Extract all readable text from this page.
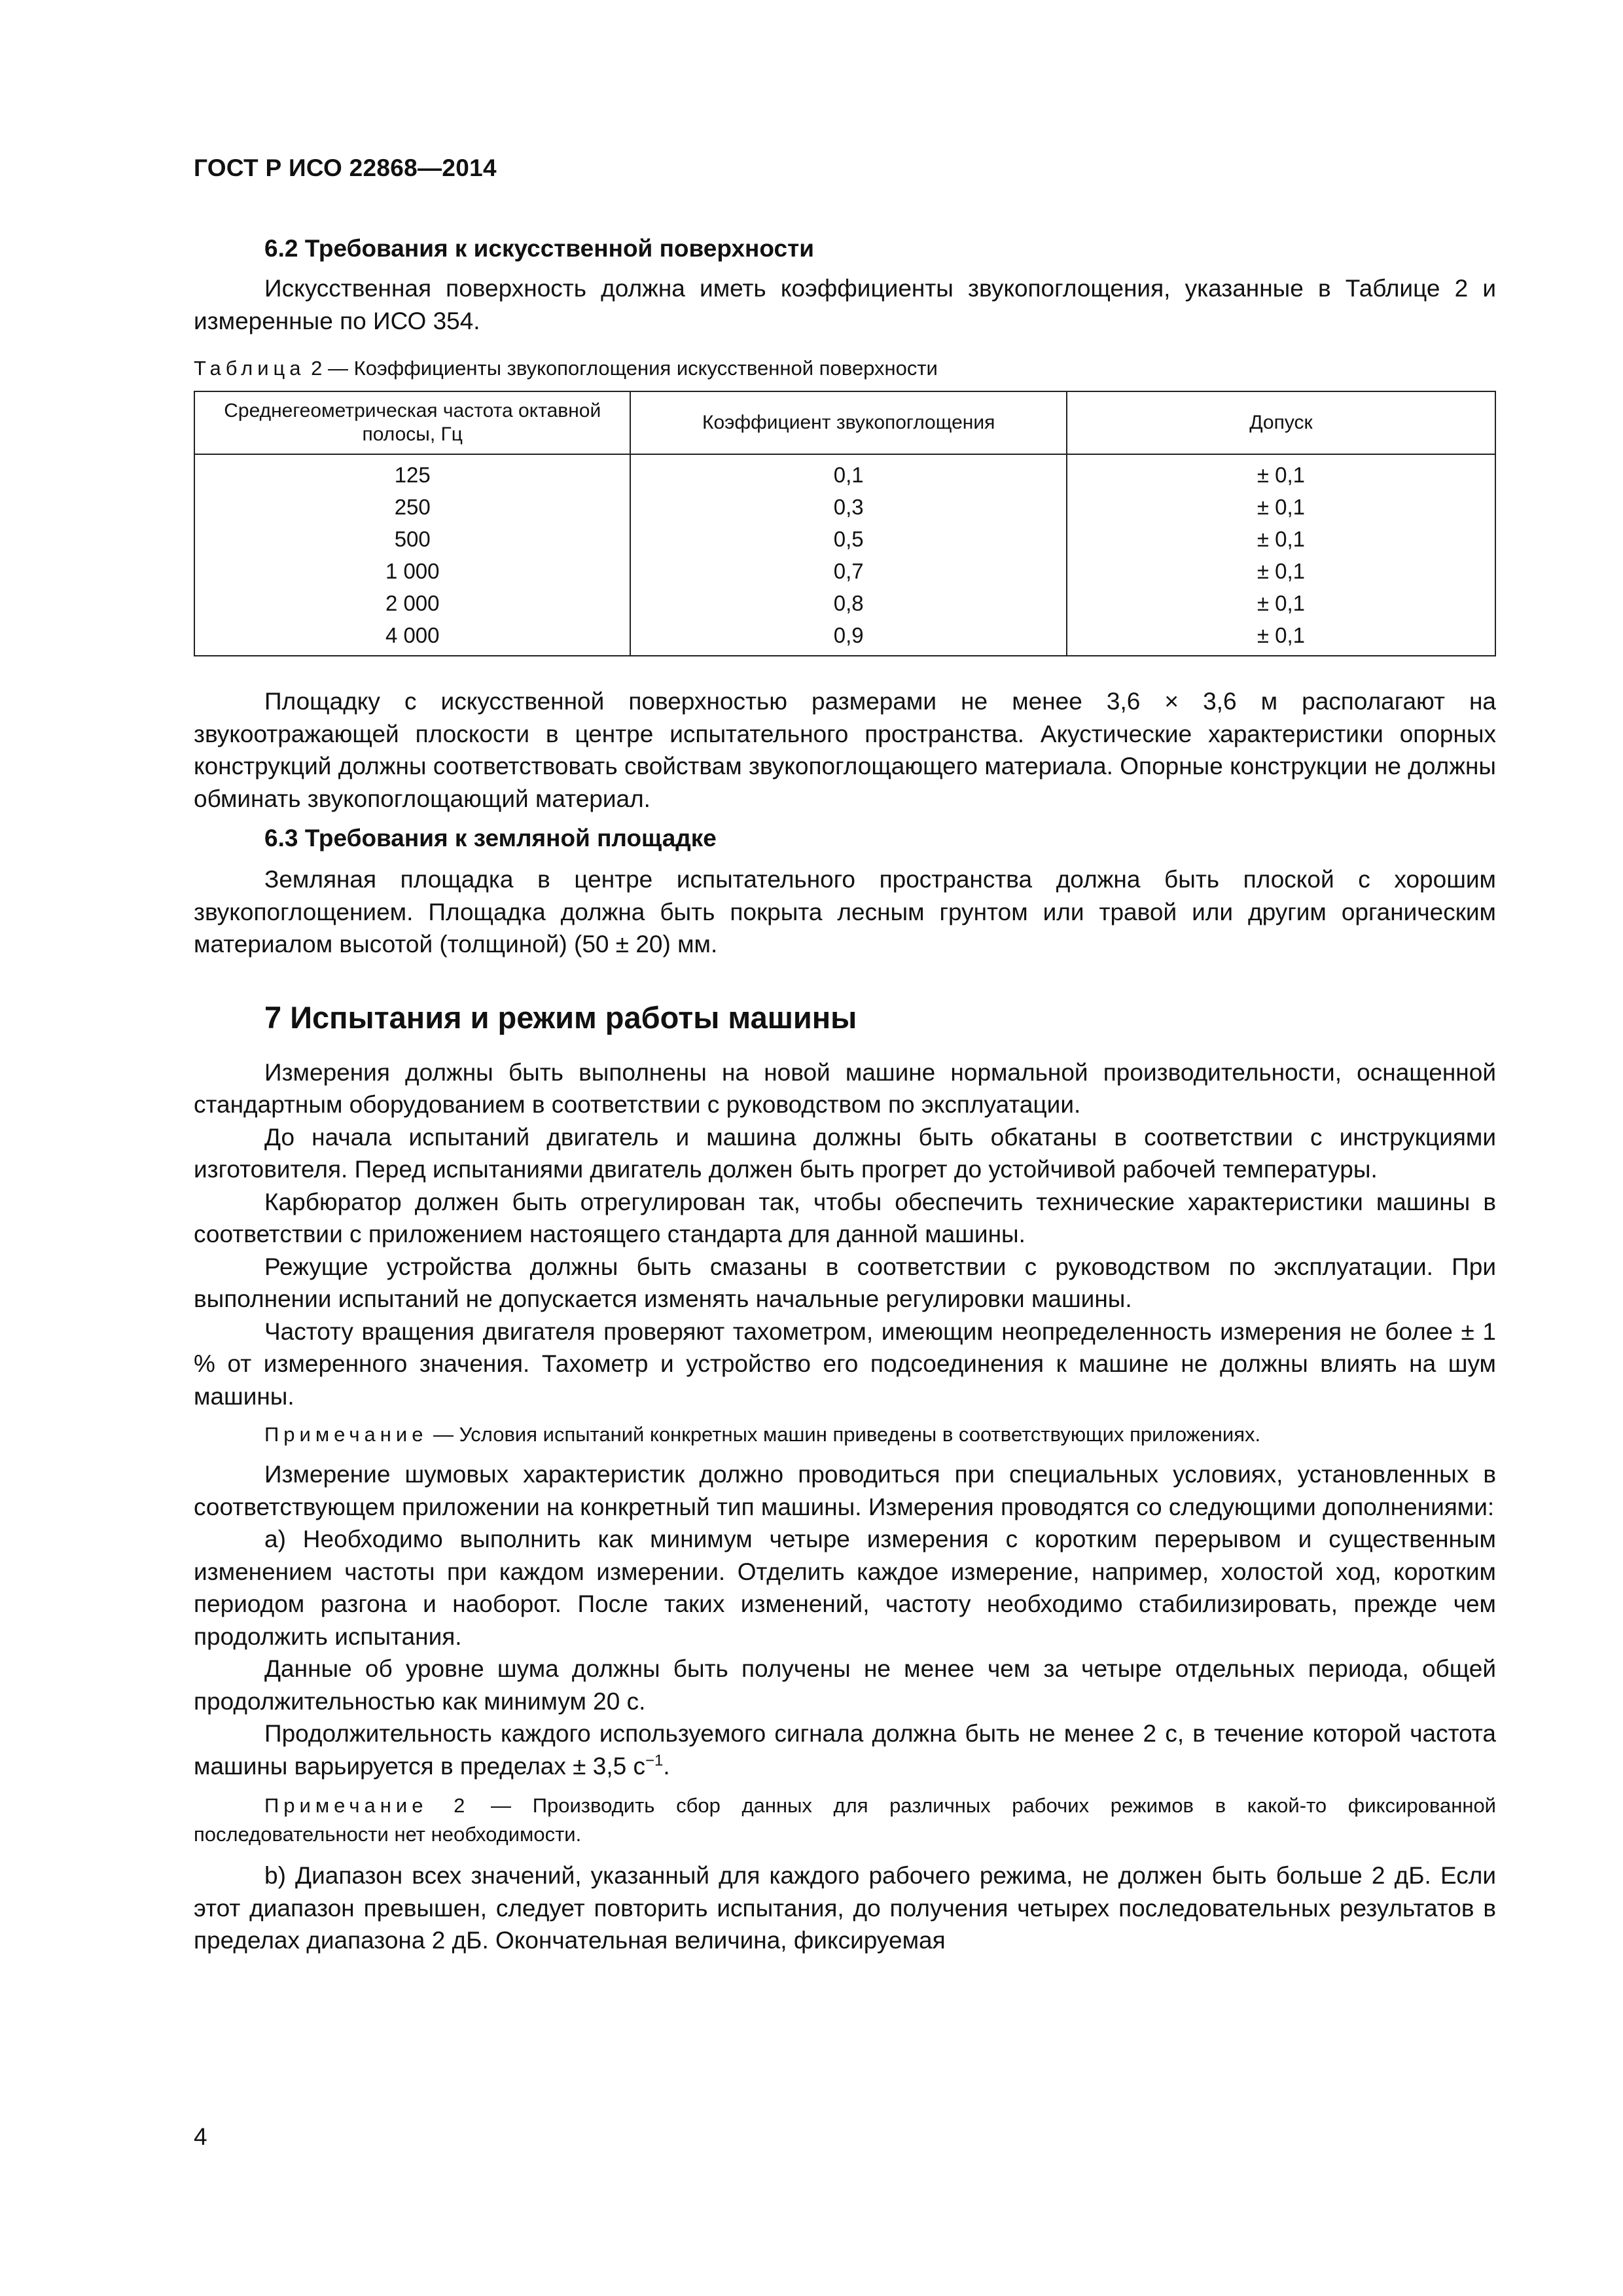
ГОСТ Р ИСО 22868—2014
6.2 Требования к искусственной поверхности

Искусственная поверхность должна иметь коэффициенты звукопоглощения, указанные в Таблице 2 и измеренные по ИСО 354.

Таблица 2 — Коэффициенты звукопоглощения искусственной поверхности

Среднегеометрическая частота октавной полосы, Гц	Коэффициент звукопоглощения	Допуск
125	0,1	± 0,1
250	0,3	± 0,1
500	0,5	± 0,1
1 000	0,7	± 0,1
2 000	0,8	± 0,1
4 000	0,9	± 0,1

Площадку с искусственной поверхностью размерами не менее 3,6 × 3,6 м располагают на звукоотражающей плоскости в центре испытательного пространства. Акустические характеристики опорных конструкций должны соответствовать свойствам звукопоглощающего материала. Опорные конструкции не должны обминать звукопоглощающий материал.

6.3 Требования к земляной площадке

Земляная площадка в центре испытательного пространства должна быть плоской с хорошим звукопоглощением. Площадка должна быть покрыта лесным грунтом или травой или другим органическим материалом высотой (толщиной) (50 ± 20) мм.

7 Испытания и режим работы машины

Измерения должны быть выполнены на новой машине нормальной производительности, оснащенной стандартным оборудованием в соответствии с руководством по эксплуатации.

До начала испытаний двигатель и машина должны быть обкатаны в соответствии с инструкциями изготовителя. Перед испытаниями двигатель должен быть прогрет до устойчивой рабочей температуры.

Карбюратор должен быть отрегулирован так, чтобы обеспечить технические характеристики машины в соответствии с приложением настоящего стандарта для данной машины.

Режущие устройства должны быть смазаны в соответствии с руководством по эксплуатации. При выполнении испытаний не допускается изменять начальные регулировки машины.

Частоту вращения двигателя проверяют тахометром, имеющим неопределенность измерения не более ± 1 % от измеренного значения. Тахометр и устройство его подсоединения к машине не должны влиять на шум машины.

Примечание — Условия испытаний конкретных машин приведены в соответствующих приложениях.

Измерение шумовых характеристик должно проводиться при специальных условиях, установленных в соответствующем приложении на конкретный тип машины. Измерения проводятся со следующими дополнениями:

a) Необходимо выполнить как минимум четыре измерения с коротким перерывом и существенным изменением частоты при каждом измерении. Отделить каждое измерение, например, холостой ход, коротким периодом разгона и наоборот. После таких изменений, частоту необходимо стабилизировать, прежде чем продолжить испытания.

Данные об уровне шума должны быть получены не менее чем за четыре отдельных периода, общей продолжительностью как минимум 20 с.

Продолжительность каждого используемого сигнала должна быть не менее 2 с, в течение которой частота машины варьируется в пределах ± 3,5 $с^{-1}$.

Примечание 2 — Производить сбор данных для различных рабочих режимов в какой-то фиксированной последовательности нет необходимости.

b) Диапазон всех значений, указанный для каждого рабочего режима, не должен быть больше 2 дБ. Если этот диапазон превышен, следует повторить испытания, до получения четырех последовательных результатов в пределах диапазона 2 дБ. Окончательная величина, фиксируемая

4
